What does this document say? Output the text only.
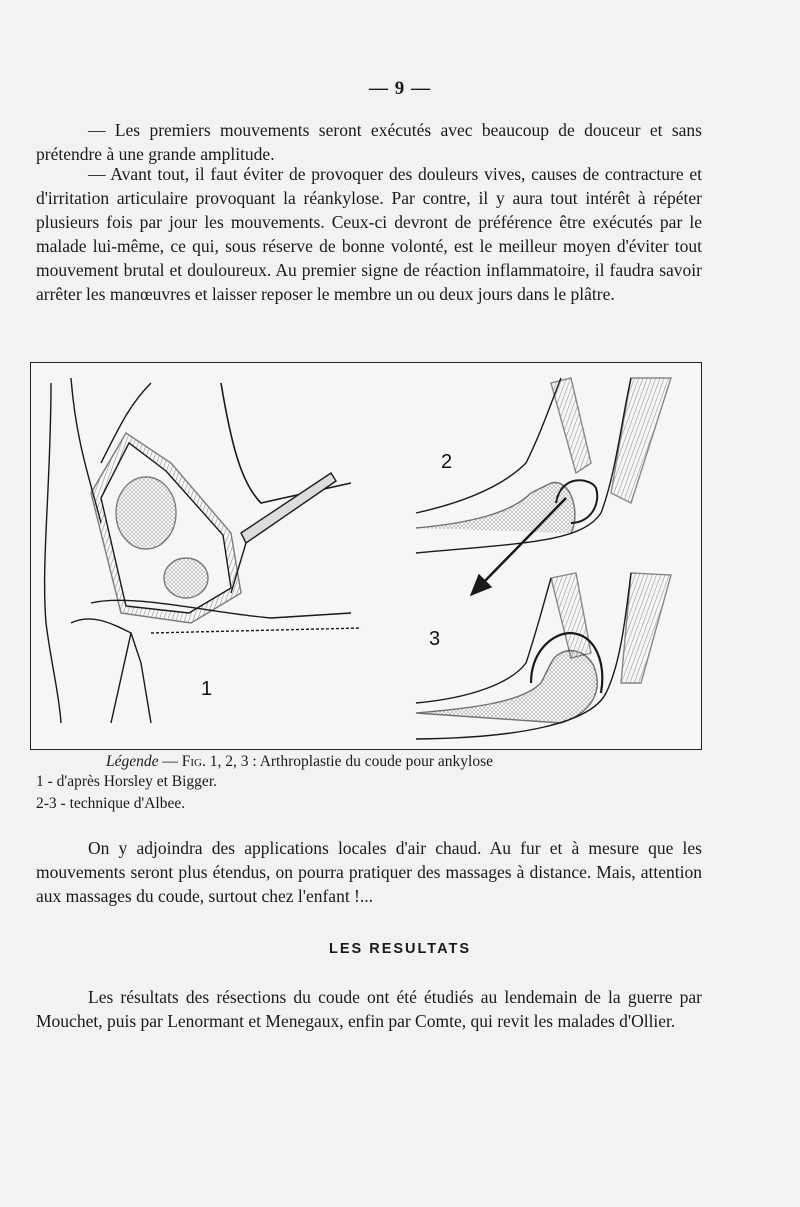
— 9 —

— Les premiers mouvements seront exécutés avec beaucoup de douceur et sans prétendre à une grande amplitude.

— Avant tout, il faut éviter de provoquer des douleurs vives, causes de contracture et d'irritation articulaire provoquant la réankylose. Par contre, il y aura tout intérêt à répéter plusieurs fois par jour les mouvements. Ceux-ci devront de préférence être exécutés par le malade lui-même, ce qui, sous réserve de bonne volonté, est le meilleur moyen d'éviter tout mouvement brutal et douloureux. Au premier signe de réaction inflammatoire, il faudra savoir arrêter les manœuvres et laisser reposer le membre un ou deux jours dans le plâtre.

1
2
3
Légende — Fig. 1, 2, 3 : Arthroplastie du coude pour ankylose
1 - d'après Horsley et Bigger.
2-3 - technique d'Albee.

On y adjoindra des applications locales d'air chaud. Au fur et à mesure que les mouvements seront plus étendus, on pourra pratiquer des massages à distance. Mais, attention aux massages du coude, surtout chez l'enfant !...

LES RESULTATS

Les résultats des résections du coude ont été étudiés au lendemain de la guerre par Mouchet, puis par Lenormant et Menegaux, enfin par Comte, qui revit les malades d'Ollier.
